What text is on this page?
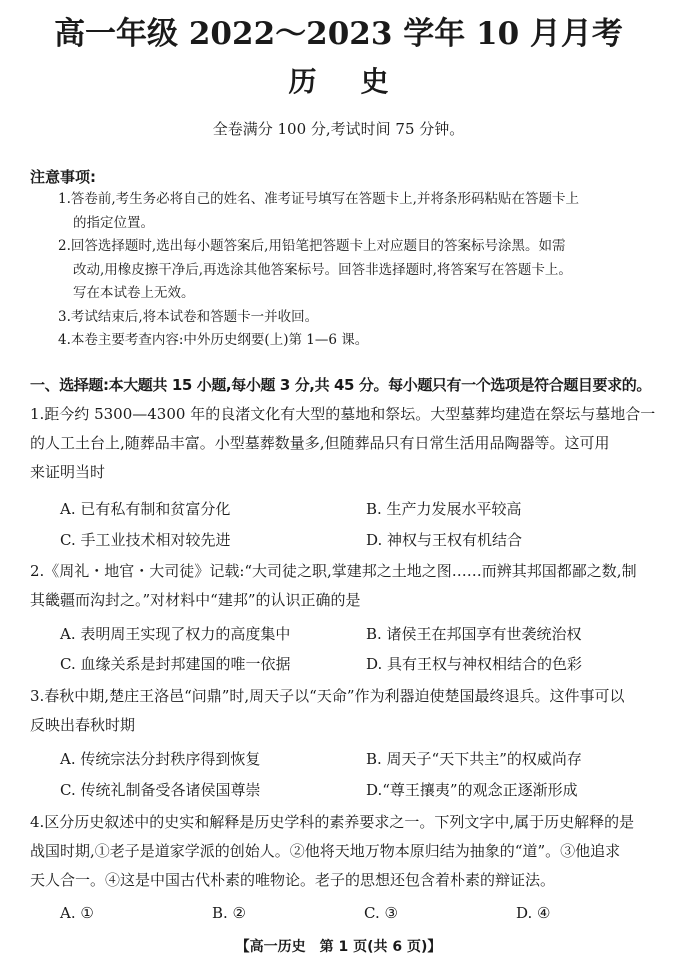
高一年级 2022～2023 学年 10 月月考
历史
全卷满分 100 分,考试时间 75 分钟。
注意事项:

1.答卷前,考生务必将自己的姓名、准考证号填写在答题卡上,并将条形码粘贴在答题卡上
的指定位置。

2.回答选择题时,选出每小题答案后,用铅笔把答题卡上对应题目的答案标号涂黑。如需
改动,用橡皮擦干净后,再选涂其他答案标号。回答非选择题时,将答案写在答题卡上。
写在本试卷上无效。

3.考试结束后,将本试卷和答题卡一并收回。

4.本卷主要考查内容:中外历史纲要(上)第 1—6 课。

一、选择题:本大题共 15 小题,每小题 3 分,共 45 分。每小题只有一个选项是符合题目要求的。

1.距今约 5300—4300 年的良渚文化有大型的墓地和祭坛。大型墓葬均建造在祭坛与墓地合一

的人工土台上,随葬品丰富。小型墓葬数量多,但随葬品只有日常生活用品陶器等。这可用

来证明当时

A. 已有私有制和贫富分化	B. 生产力发展水平较高
C. 手工业技术相对较先进	D. 神权与王权有机结合

2.《周礼・地官・大司徒》记载:“大司徒之职,掌建邦之土地之图……而辨其邦国都鄙之数,制

其畿疆而沟封之。”对材料中“建邦”的认识正确的是

A. 表明周王实现了权力的高度集中	B. 诸侯王在邦国享有世袭统治权
C. 血缘关系是封邦建国的唯一依据	D. 具有王权与神权相结合的色彩

3.春秋中期,楚庄王洛邑“问鼎”时,周天子以“天命”作为利器迫使楚国最终退兵。这件事可以

反映出春秋时期

A. 传统宗法分封秩序得到恢复	B. 周天子“天下共主”的权威尚存
C. 传统礼制备受各诸侯国尊崇	D.“尊王攘夷”的观念正逐渐形成

4.区分历史叙述中的史实和解释是历史学科的素养要求之一。下列文字中,属于历史解释的是

战国时期,①老子是道家学派的创始人。②他将天地万物本原归结为抽象的“道”。③他追求

天人合一。④这是中国古代朴素的唯物论。老子的思想还包含着朴素的辩证法。

A. ①	B. ②	C. ③	D. ④
【高一历史　第 1 页(共 6 页)】
